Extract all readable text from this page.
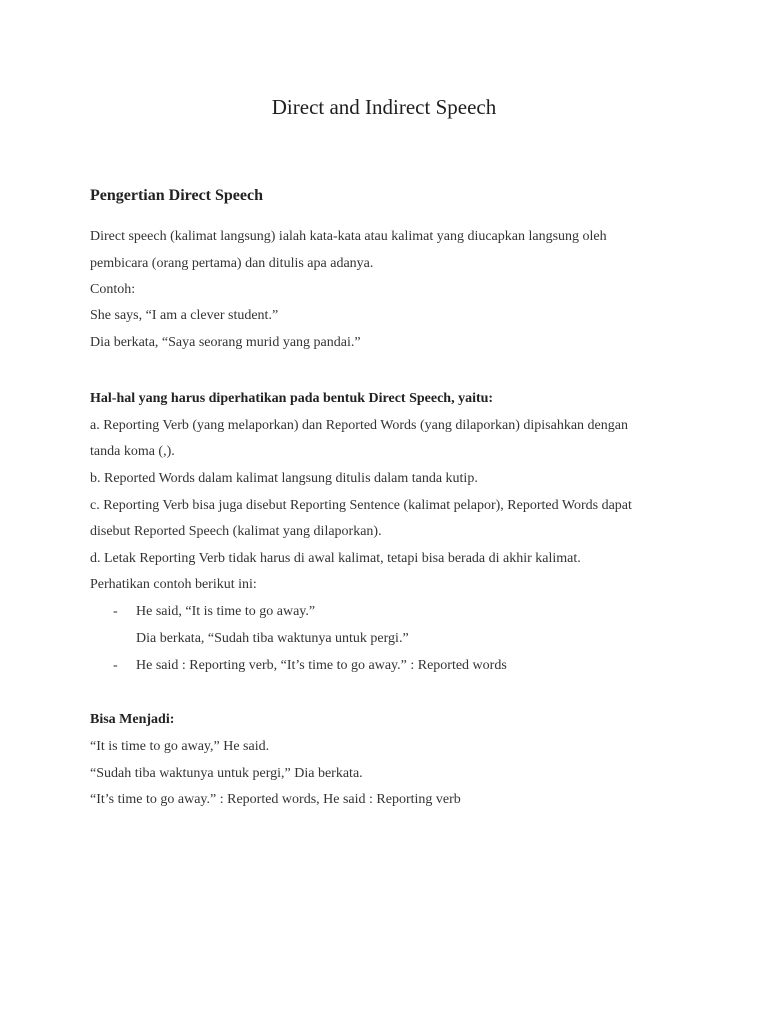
Direct and Indirect Speech
Pengertian Direct Speech
Direct speech (kalimat langsung) ialah kata-kata atau kalimat yang diucapkan langsung oleh
pembicara (orang pertama) dan ditulis apa adanya.
Contoh:
She says, “I am a clever student.”
Dia berkata, “Saya seorang murid yang pandai.”
Hal-hal yang harus diperhatikan pada bentuk Direct Speech, yaitu:
a. Reporting Verb (yang melaporkan) dan Reported Words (yang dilaporkan) dipisahkan dengan
tanda koma (,).
b. Reported Words dalam kalimat langsung ditulis dalam tanda kutip.
c. Reporting Verb bisa juga disebut Reporting Sentence (kalimat pelapor), Reported Words dapat
disebut Reported Speech (kalimat yang dilaporkan).
d. Letak Reporting Verb tidak harus di awal kalimat, tetapi bisa berada di akhir kalimat.
Perhatikan contoh berikut ini:
- He said, “It is time to go away.”
Dia berkata, “Sudah tiba waktunya untuk pergi.”
- He said : Reporting verb, “It’s time to go away.” : Reported words
Bisa Menjadi:
“It is time to go away,” He said.
“Sudah tiba waktunya untuk pergi,” Dia berkata.
“It’s time to go away.” : Reported words, He said : Reporting verb
